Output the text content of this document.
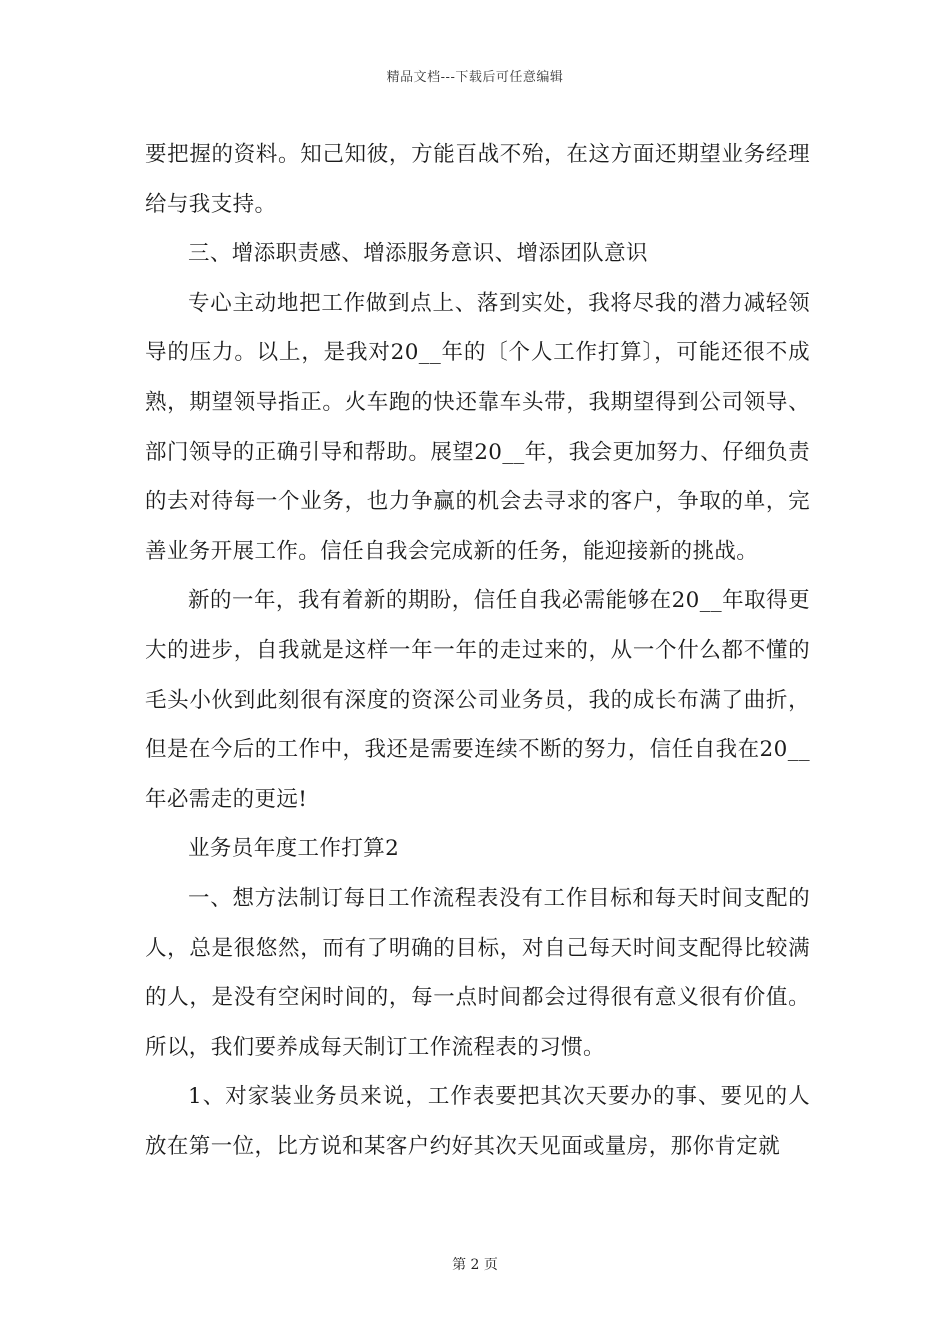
精品文档---下载后可任意编辑

要把握的资料。知己知彼，方能百战不殆，在这方面还期望业务经理给与我支持。

三、增添职责感、增添服务意识、增添团队意识

专心主动地把工作做到点上、落到实处，我将尽我的潜力减轻领导的压力。以上，是我对20__年的〔个人工作打算〕，可能还很不成熟，期望领导指正。火车跑的快还靠车头带，我期望得到公司领导、部门领导的正确引导和帮助。展望20__年，我会更加努力、仔细负责的去对待每一个业务，也力争赢的机会去寻求的客户，争取的单，完善业务开展工作。信任自我会完成新的任务，能迎接新的挑战。

新的一年，我有着新的期盼，信任自我必需能够在20__年取得更大的进步，自我就是这样一年一年的走过来的，从一个什么都不懂的毛头小伙到此刻很有深度的资深公司业务员，我的成长布满了曲折，但是在今后的工作中，我还是需要连续不断的努力，信任自我在20__年必需走的更远!

业务员年度工作打算2

一、想方法制订每日工作流程表没有工作目标和每天时间支配的人，总是很悠然，而有了明确的目标，对自己每天时间支配得比较满的人，是没有空闲时间的，每一点时间都会过得很有意义很有价值。所以，我们要养成每天制订工作流程表的习惯。

1、对家装业务员来说，工作表要把其次天要办的事、要见的人放在第一位，比方说和某客户约好其次天见面或量房，那你肯定就

第 2 页
